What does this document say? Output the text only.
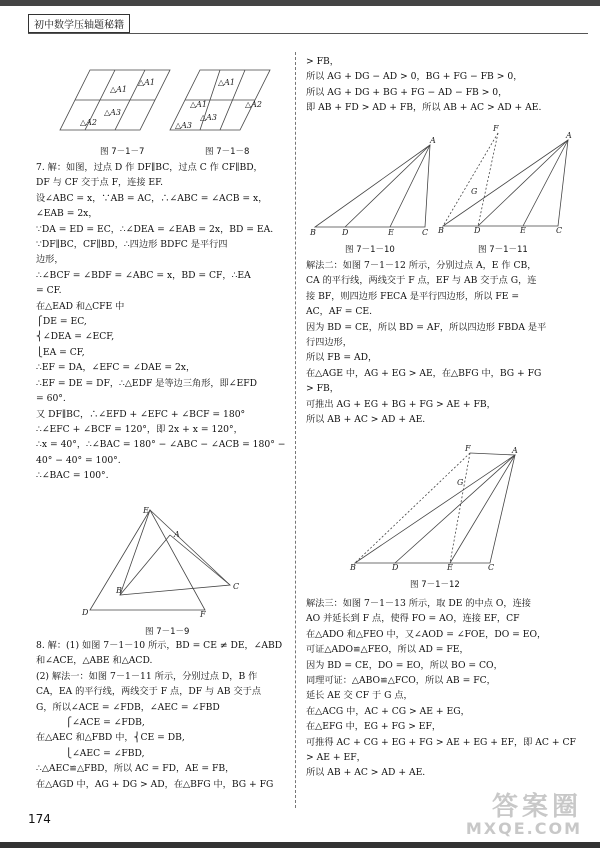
初中数学压轴题秘籍
△A1
△A1
△A3
△A2
图 7－1－7
△A1
△A1	△A2
△A3
△A3
图 7－1－8

7. 解：如图，过点 D 作 DF∥BC，过点 C 作 CF∥BD，

DF 与 CF 交于点 F，连接 EF.

设∠ABC = x，∵AB = AC，∴∠ABC = ∠ACB = x，

∠EAB = 2x，

∵DA = ED = EC，∴∠DEA = ∠EAB = 2x，BD = EA.

∵DF∥BC，CF∥BD，∴四边形 BDFC 是平行四

边形，

∴∠BCF = ∠BDF = ∠ABC = x，BD = CF，∴EA

= CF.

在△EAD 和△CFE 中

⎧DE = EC,

⎨∠DEA = ∠ECF,

⎩EA = CF,

∴EF = DA，∠EFC = ∠DAE = 2x，

∴EF = DE = DF，∴△EDF 是等边三角形，即∠EFD

= 60°.

又 DF∥BC，∴∠EFD + ∠EFC + ∠BCF = 180°

∴∠EFC + ∠BCF = 120°，即 2x + x = 120°，

∴x = 40°，∴∠BAC = 180° − ∠ABC − ∠ACB = 180° −

40° − 40° = 100°.

∴∠BAC = 100°.

E
A
B	C
D	F
图 7－1－9

8. 解：(1) 如图 7－1－10 所示，BD = CE ≠ DE，∠ABD

和∠ACE，△ABE 和△ACD.

(2) 解法一：如图 7－1－11 所示，分别过点 D，B 作

CA，EA 的平行线，两线交于 F 点，DF 与 AB 交于点

G，所以∠ACE = ∠FDB，∠AEC = ∠FBD

⎧∠ACE = ∠FDB,

在△AEC 和△FBD 中，⎨CE = DB,

⎩∠AEC = ∠FBD,

∴△AEC≌△FBD，所以 AC = FD，AE = FB，

在△AGD 中，AG + DG > AD，在△BFG 中，BG + FG

> FB，

所以 AG + DG − AD > 0，BG + FG − FB > 0，

所以 AG + DG + BG + FG − AD − FB > 0，

即 AB + FD > AD + FB，所以 AB + AC > AD + AE.

A
B	D	E	C
图 7－1－10
F
A
G
B	D	E	C
图 7－1－11

解法二：如图 7－1－12 所示，分别过点 A，E 作 CB，

CA 的平行线，两线交于 F 点，EF 与 AB 交于点 G，连

接 BF，则四边形 FECA 是平行四边形，所以 FE =

AC，AF = CE.

因为 BD = CE，所以 BD = AF，所以四边形 FBDA 是平

行四边形，

所以 FB = AD，

在△AGE 中，AG + EG > AE，在△BFG 中，BG + FG

> FB，

可推出 AG + EG + BG + FG > AE + FB，

所以 AB + AC > AD + AE.

F	A
G
B	D	E	C
图 7－1－12

解法三：如图 7－1－13 所示，取 DE 的中点 O，连接

AO 并延长到 F 点，使得 FO = AO，连接 EF，CF

在△ADO 和△FEO 中，又∠AOD = ∠FOE，DO = EO，

可证△ADO≌△FEO，所以 AD = FE，

因为 BD = CE，DO = EO，所以 BO = CO，

同理可证：△ABO≌△FCO，所以 AB = FC，

延长 AE 交 CF 于 G 点，

在△ACG 中，AC + CG > AE + EG，

在△EFG 中，EG + FG > EF，

可推得 AC + CG + EG + FG > AE + EG + EF，即 AC + CF

> AE + EF，

所以 AB + AC > AD + AE.

174	答案圈
MXQE.COM
